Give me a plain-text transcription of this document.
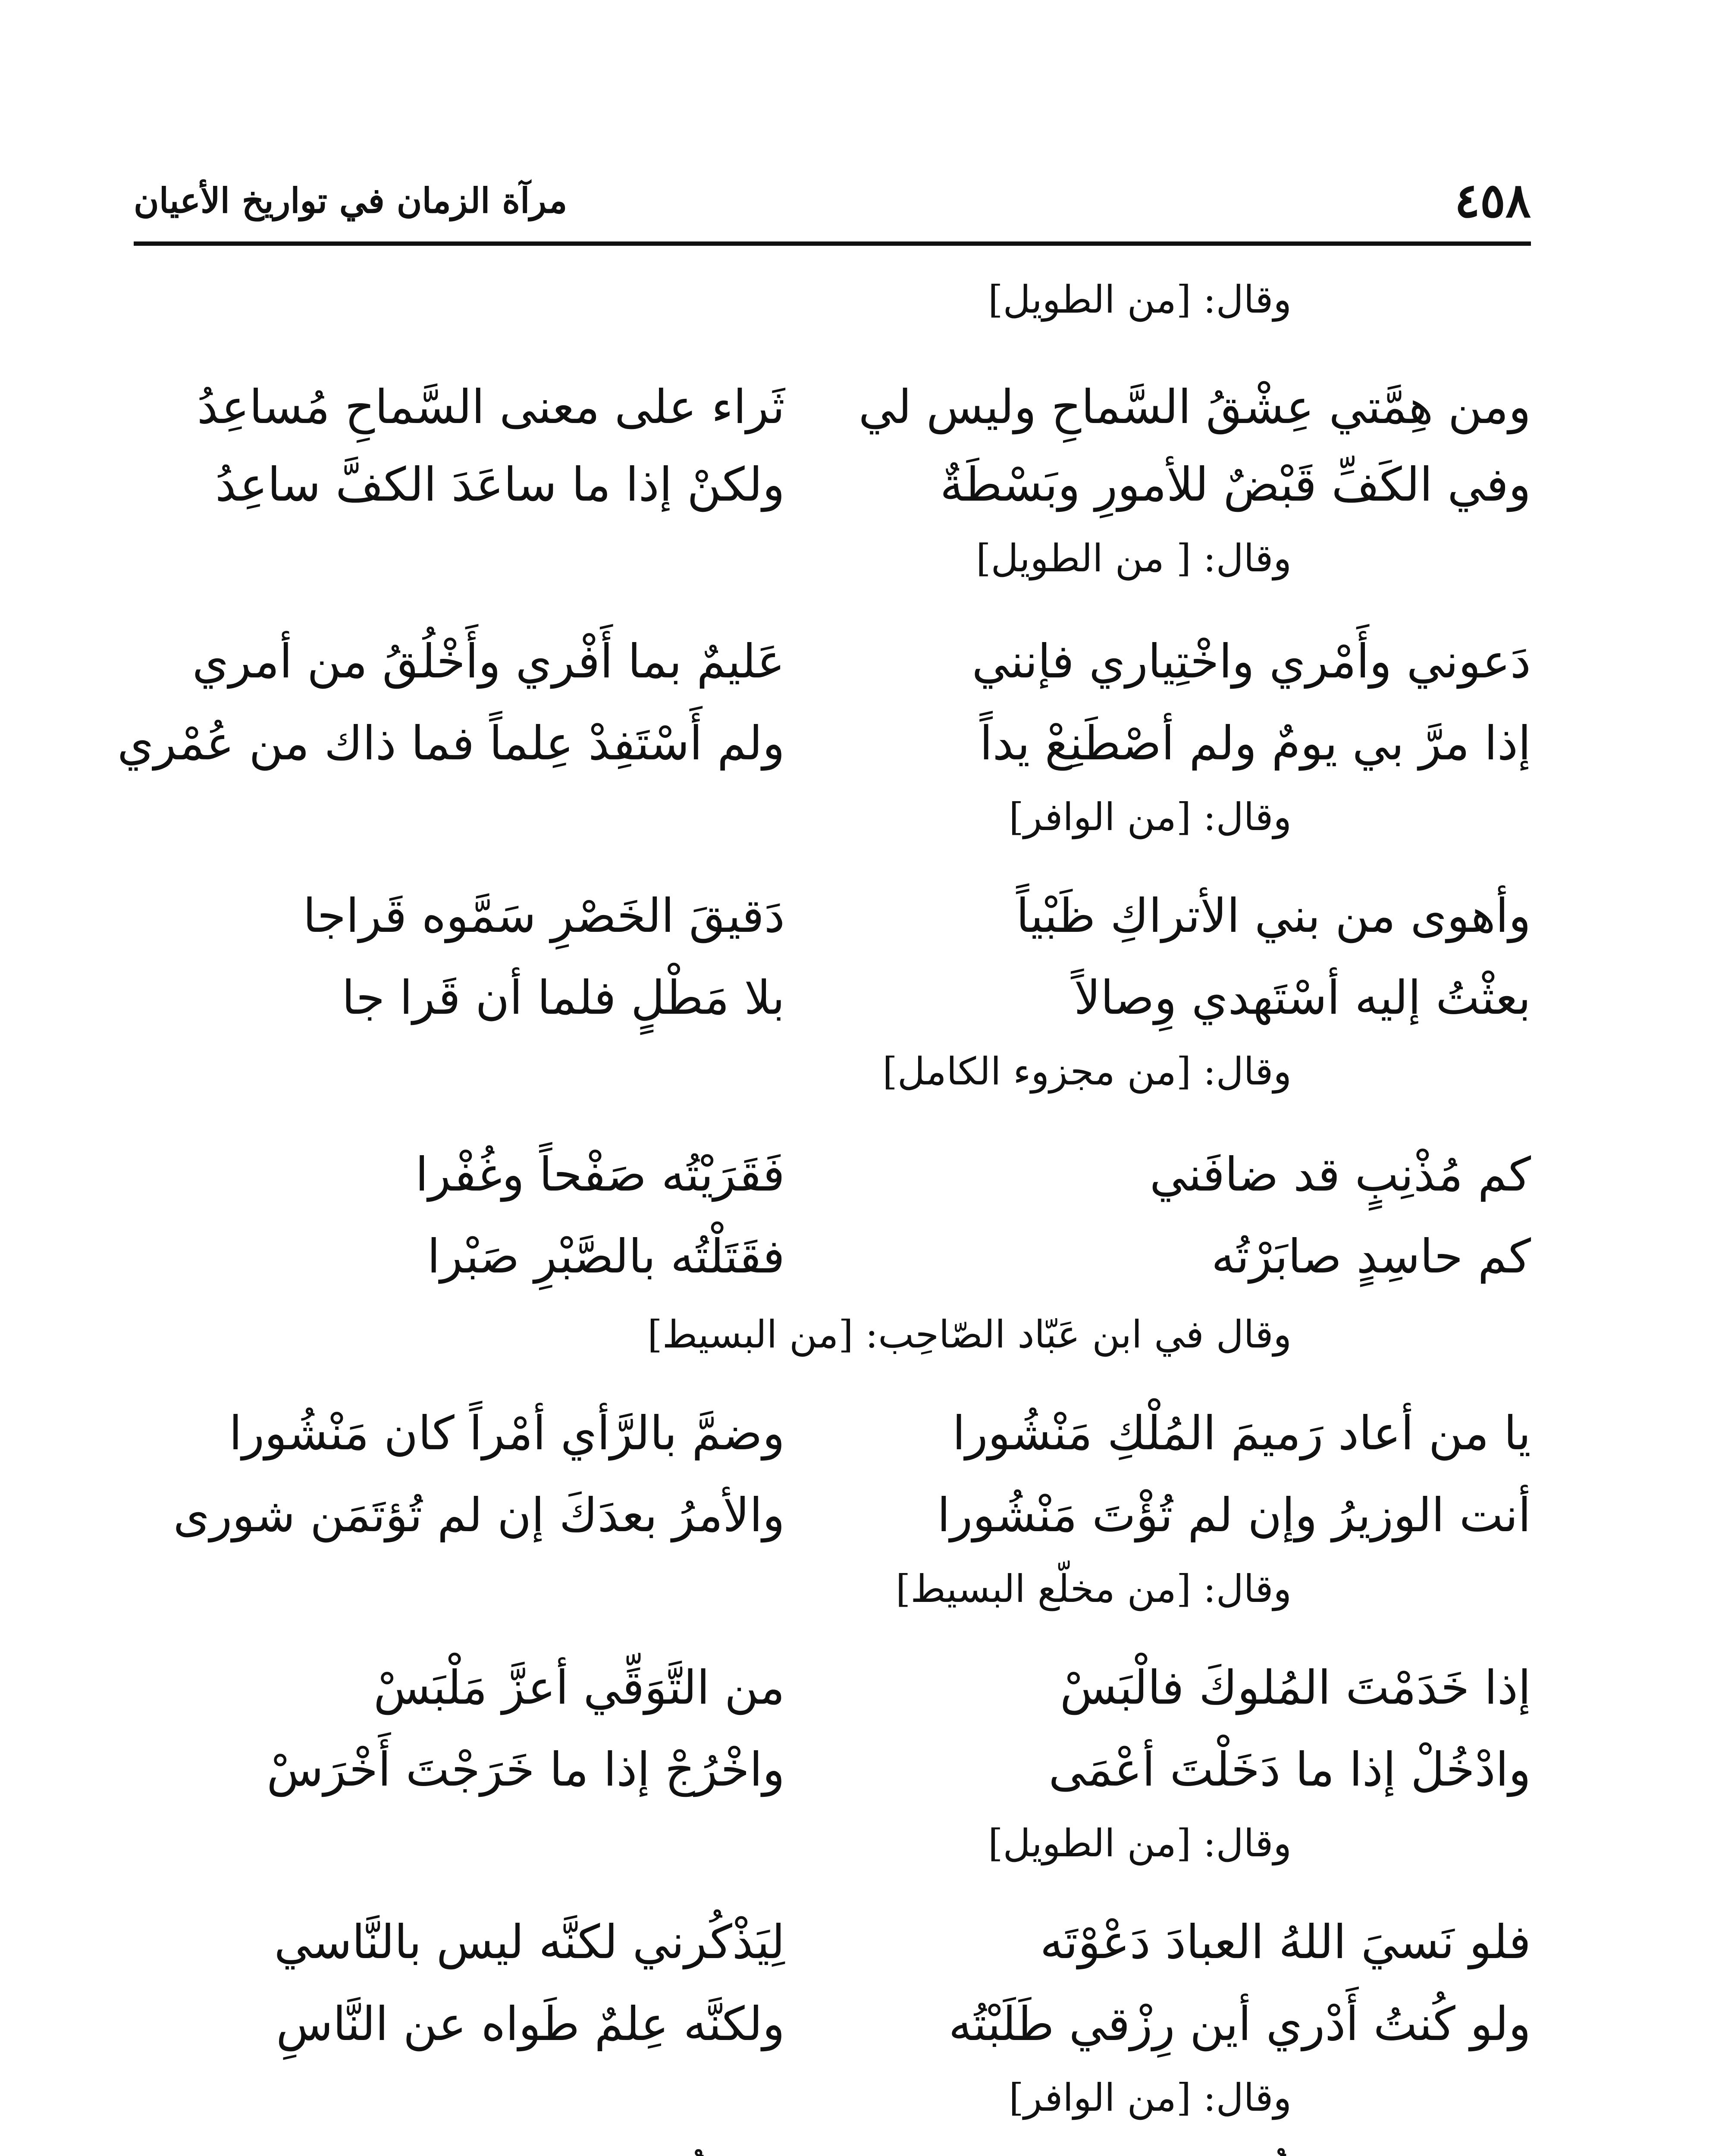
٤٥٨
مرآة الزمان في تواريخ الأعيان
وقال: [من الطويل]
ومن هِمَّتي عِشْقُ السَّماحِ وليس لي
ثَراء على معنى السَّماحِ مُساعِدُ
وفي الكَفِّ قَبْضٌ للأمورِ وبَسْطَةٌ
ولكنْ إذا ما ساعَدَ الكفَّ ساعِدُ
وقال: [ من الطويل]
دَعوني وأَمْري واخْتِياري فإنني
عَليمٌ بما أَفْري وأَخْلُقُ من أمري
إذا مرَّ بي يومٌ ولم أصْطَنِعْ يداً
ولم أَسْتَفِدْ عِلماً فما ذاك من عُمْري
وقال: [من الوافر]
وأهوى من بني الأتراكِ ظَبْياً
دَقيقَ الخَصْرِ سَمَّوه قَراجا
بعثْتُ إليه أسْتَهدي وِصالاً
بلا مَطْلٍ فلما أن قَرا جا
وقال: [من مجزوء الكامل]
كم مُذْنِبٍ قد ضافَني
فَقَرَيْتُه صَفْحاً وغُفْرا
كم حاسِدٍ صابَرْتُه
فقَتَلْتُه بالصَّبْرِ صَبْرا
وقال في ابن عَبّاد الصّاحِب: [من البسيط]
يا من أعاد رَميمَ المُلْكِ مَنْشُورا
وضمَّ بالرَّأي أمْراً كان مَنْشُورا
أنت الوزيرُ وإن لم تُؤْتَ مَنْشُورا
والأمرُ بعدَكَ إن لم تُؤتَمَن شورى
وقال: [من مخلّع البسيط]
إذا خَدَمْتَ المُلوكَ فالْبَسْ
من التَّوَقِّي أعزَّ مَلْبَسْ
وادْخُلْ إذا ما دَخَلْتَ أعْمَى
واخْرُجْ إذا ما خَرَجْتَ أَخْرَسْ
وقال: [من الطويل]
فلو نَسيَ اللهُ العبادَ دَعْوْتَه
لِيَذْكُرني لكنَّه ليس بالنَّاسي
ولو كُنتُ أَدْري أين رِزْقي طَلَبْتُه
ولكنَّه عِلمٌ طَواه عن النَّاسِ
وقال: [من الوافر]
